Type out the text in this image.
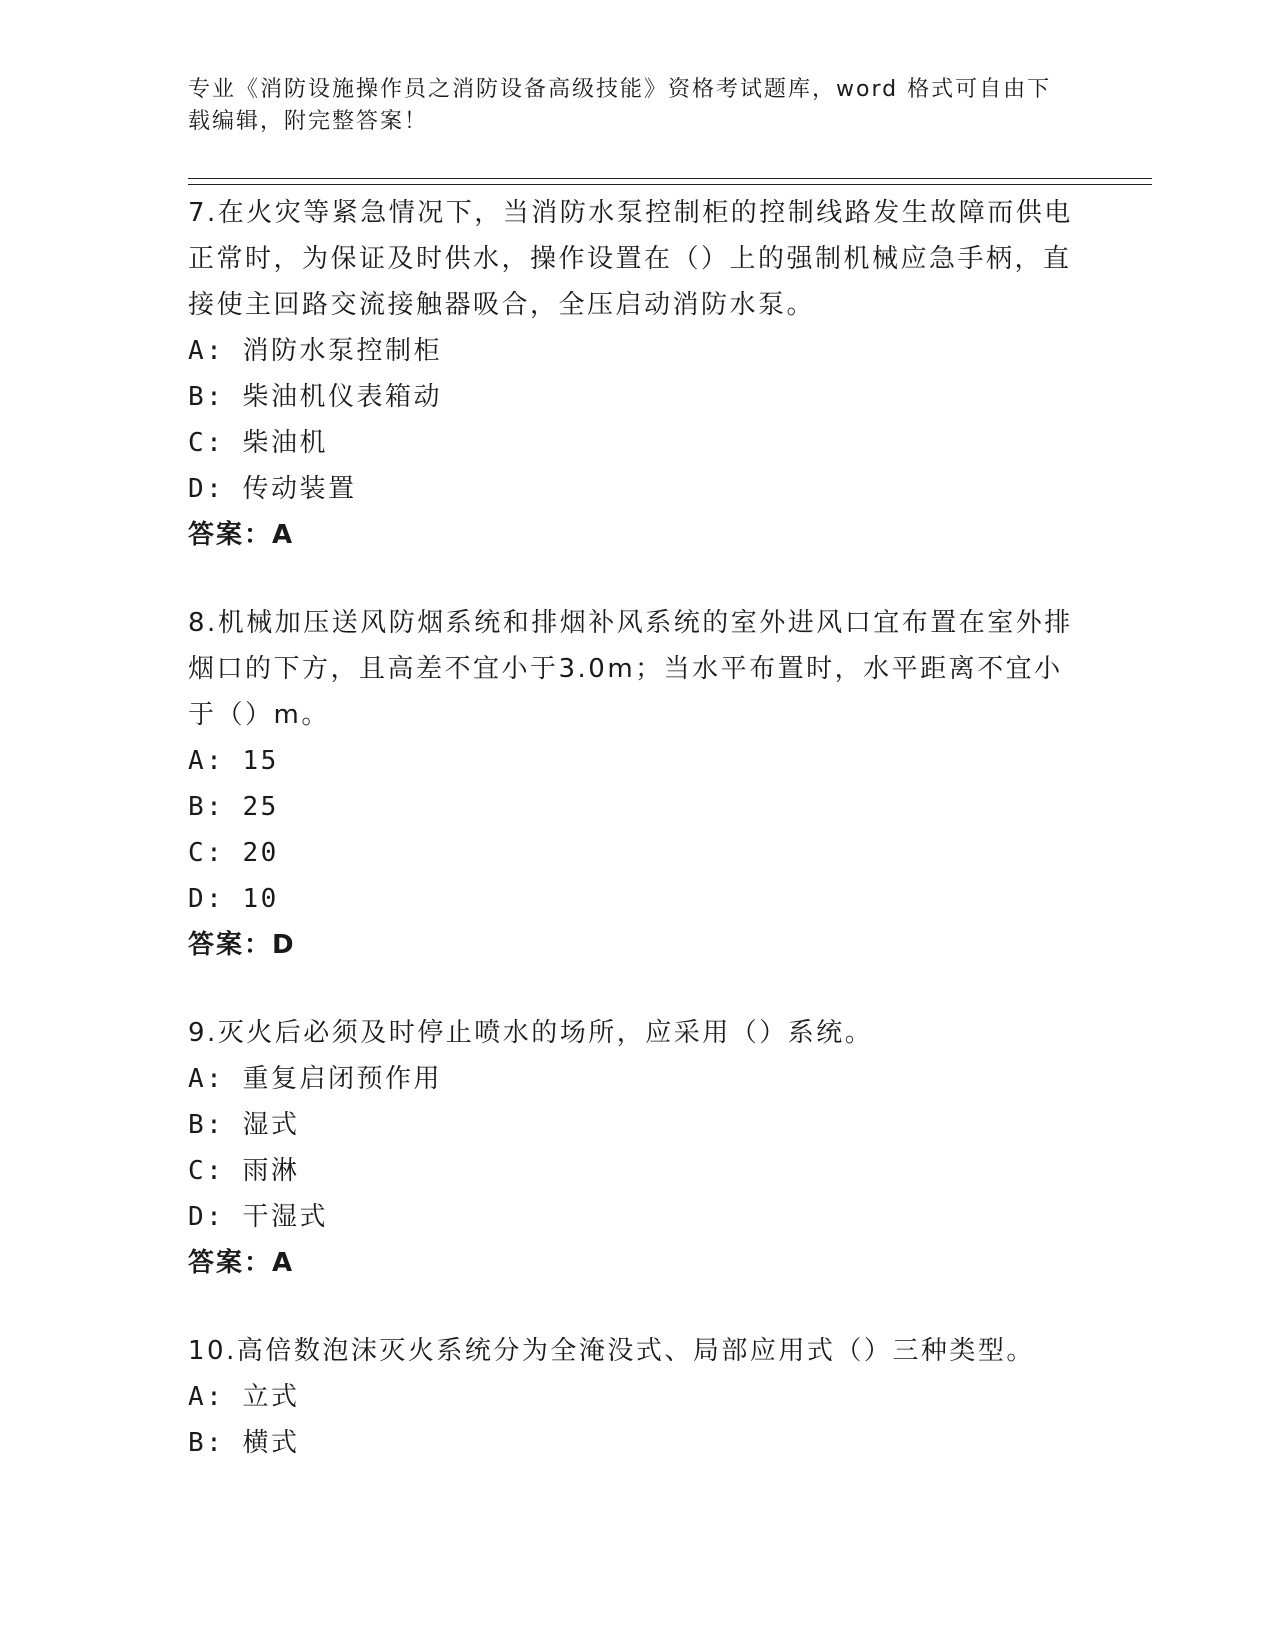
专业《消防设施操作员之消防设备高级技能》资格考试题库，word 格式可自由下载编辑，附完整答案！

7.在火灾等紧急情况下，当消防水泵控制柜的控制线路发生故障而供电正常时，为保证及时供水，操作设置在（）上的强制机械应急手柄，直接使主回路交流接触器吸合，全压启动消防水泵。

A: 消防水泵控制柜
B: 柴油机仪表箱动
C: 柴油机
D: 传动装置
答案：A

8.机械加压送风防烟系统和排烟补风系统的室外进风口宜布置在室外排烟口的下方，且高差不宜小于3.0m；当水平布置时，水平距离不宜小于（）m。

A: 15
B: 25
C: 20
D: 10
答案：D

9.灭火后必须及时停止喷水的场所，应采用（）系统。

A: 重复启闭预作用
B: 湿式
C: 雨淋
D: 干湿式
答案：A

10.高倍数泡沫灭火系统分为全淹没式、局部应用式（）三种类型。

A: 立式
B: 横式
